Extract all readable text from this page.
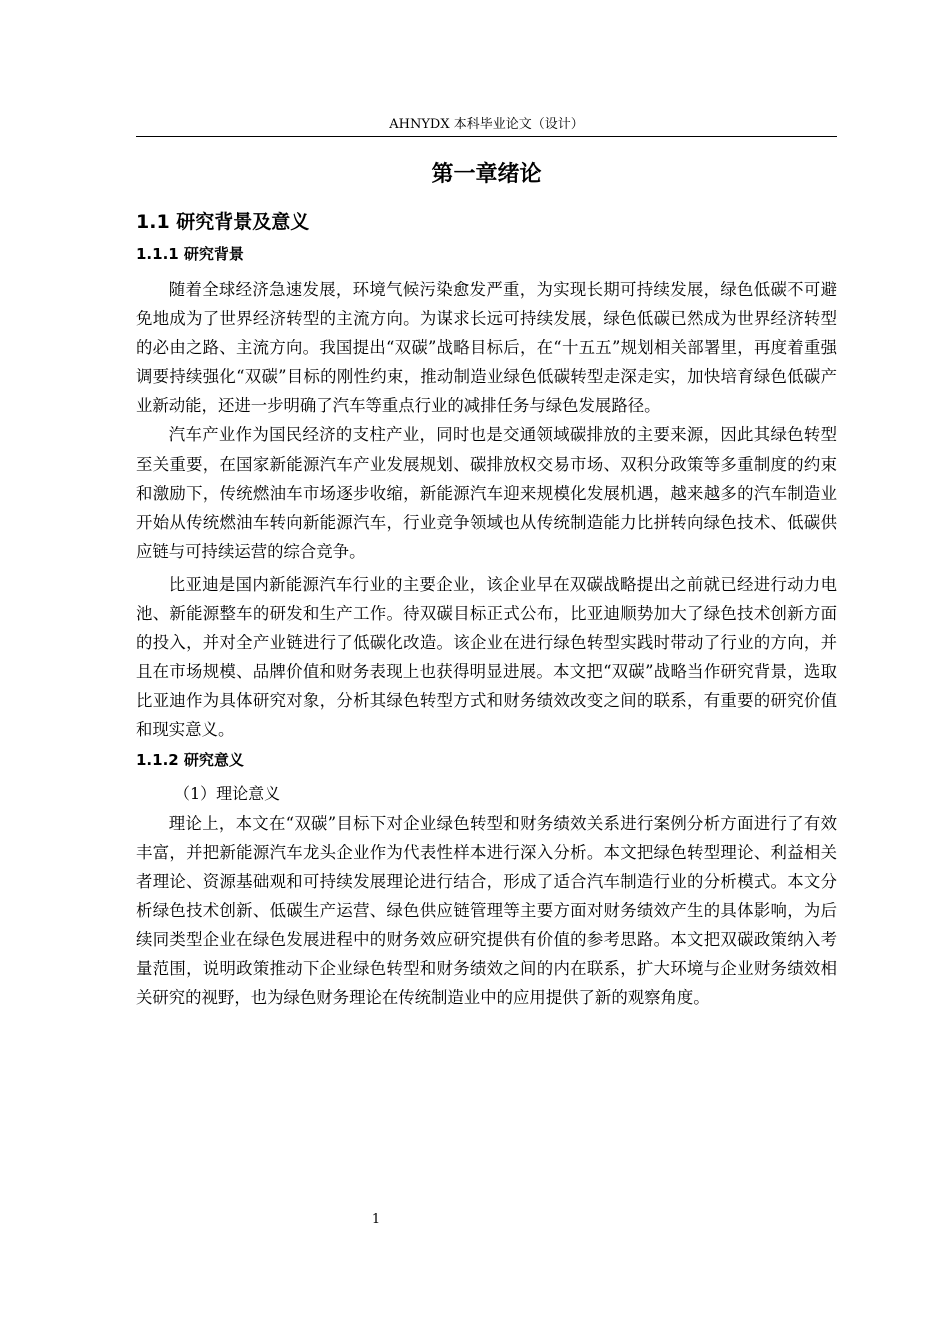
AHNYDX 本科毕业论文（设计）
第一章绪论
1.1 研究背景及意义
1.1.1 研究背景

随着全球经济急速发展，环境气候污染愈发严重，为实现长期可持续发展，绿色低碳不可避免地成为了世界经济转型的主流方向。为谋求长远可持续发展，绿色低碳已然成为世界经济转型的必由之路、主流方向。我国提出“双碳”战略目标后，在“十五五”规划相关部署里，再度着重强调要持续强化“双碳”目标的刚性约束，推动制造业绿色低碳转型走深走实，加快培育绿色低碳产业新动能，还进一步明确了汽车等重点行业的减排任务与绿色发展路径。

汽车产业作为国民经济的支柱产业，同时也是交通领域碳排放的主要来源，因此其绿色转型至关重要，在国家新能源汽车产业发展规划、碳排放权交易市场、双积分政策等多重制度的约束和激励下，传统燃油车市场逐步收缩，新能源汽车迎来规模化发展机遇，越来越多的汽车制造业开始从传统燃油车转向新能源汽车，行业竞争领域也从传统制造能力比拼转向绿色技术、低碳供应链与可持续运营的综合竞争。

比亚迪是国内新能源汽车行业的主要企业，该企业早在双碳战略提出之前就已经进行动力电池、新能源整车的研发和生产工作。待双碳目标正式公布，比亚迪顺势加大了绿色技术创新方面的投入，并对全产业链进行了低碳化改造。该企业在进行绿色转型实践时带动了行业的方向，并且在市场规模、品牌价值和财务表现上也获得明显进展。本文把“双碳”战略当作研究背景，选取比亚迪作为具体研究对象，分析其绿色转型方式和财务绩效改变之间的联系，有重要的研究价值和现实意义。

1.1.2 研究意义
（1）理论意义

理论上，本文在“双碳”目标下对企业绿色转型和财务绩效关系进行案例分析方面进行了有效丰富，并把新能源汽车龙头企业作为代表性样本进行深入分析。本文把绿色转型理论、利益相关者理论、资源基础观和可持续发展理论进行结合，形成了适合汽车制造行业的分析模式。本文分析绿色技术创新、低碳生产运营、绿色供应链管理等主要方面对财务绩效产生的具体影响，为后续同类型企业在绿色发展进程中的财务效应研究提供有价值的参考思路。本文把双碳政策纳入考量范围，说明政策推动下企业绿色转型和财务绩效之间的内在联系，扩大环境与企业财务绩效相关研究的视野，也为绿色财务理论在传统制造业中的应用提供了新的观察角度。

1
